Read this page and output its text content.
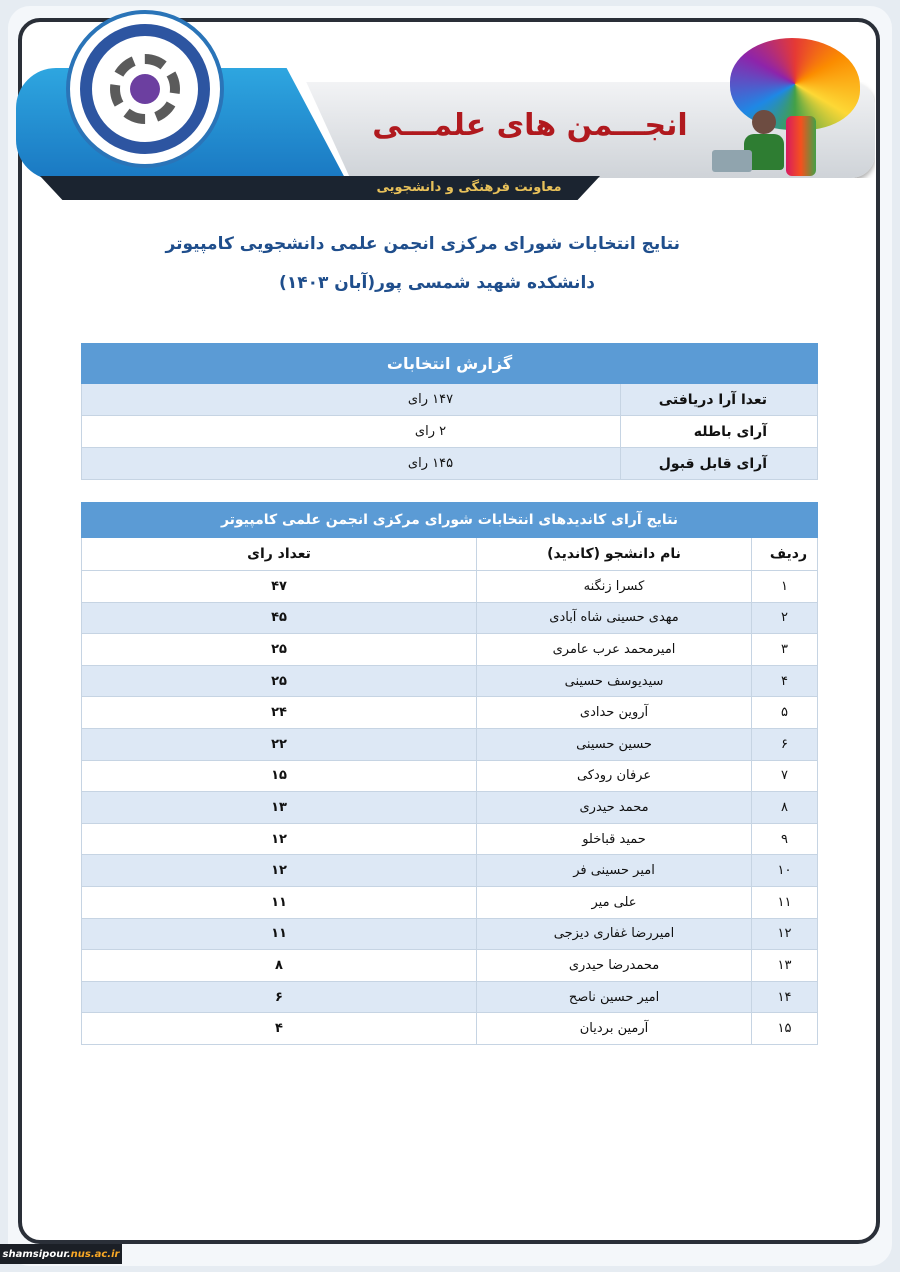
معاونت فرهنگی و دانشجویی
انجـــمن های علمـــی
نتایج انتخابات شورای مرکزی انجمن علمی دانشجویی کامپیوتر
دانشکده شهید شمسی پور(آبان ۱۴۰۳)
گزارش انتخابات	
تعدا آرا دریافتی	۱۴۷ رای
آرای باطله	۲ رای
آرای قابل قبول	۱۴۵ رای
نتایج آرای کاندیدهای انتخابات شورای مرکزی انجمن علمی کامپیوتر		
ردیف	نام دانشجو (کاندید)	تعداد رای
۱	کسرا زنگنه	۴۷
۲	مهدی حسینی شاه آبادی	۴۵
۳	امیرمحمد عرب عامری	۲۵
۴	سیدیوسف حسینی	۲۵
۵	آروین حدادی	۲۴
۶	حسین حسینی	۲۲
۷	عرفان رودکی	۱۵
۸	محمد حیدری	۱۳
۹	حمید قباخلو	۱۲
۱۰	امیر حسینی فر	۱۲
۱۱	علی میر	۱۱
۱۲	امیررضا غفاری دیزجی	۱۱
۱۳	محمدرضا حیدری	۸
۱۴	امیر حسین ناصح	۶
۱۵	آرمین بردیان	۴
shamsipour. nus.ac.ir
